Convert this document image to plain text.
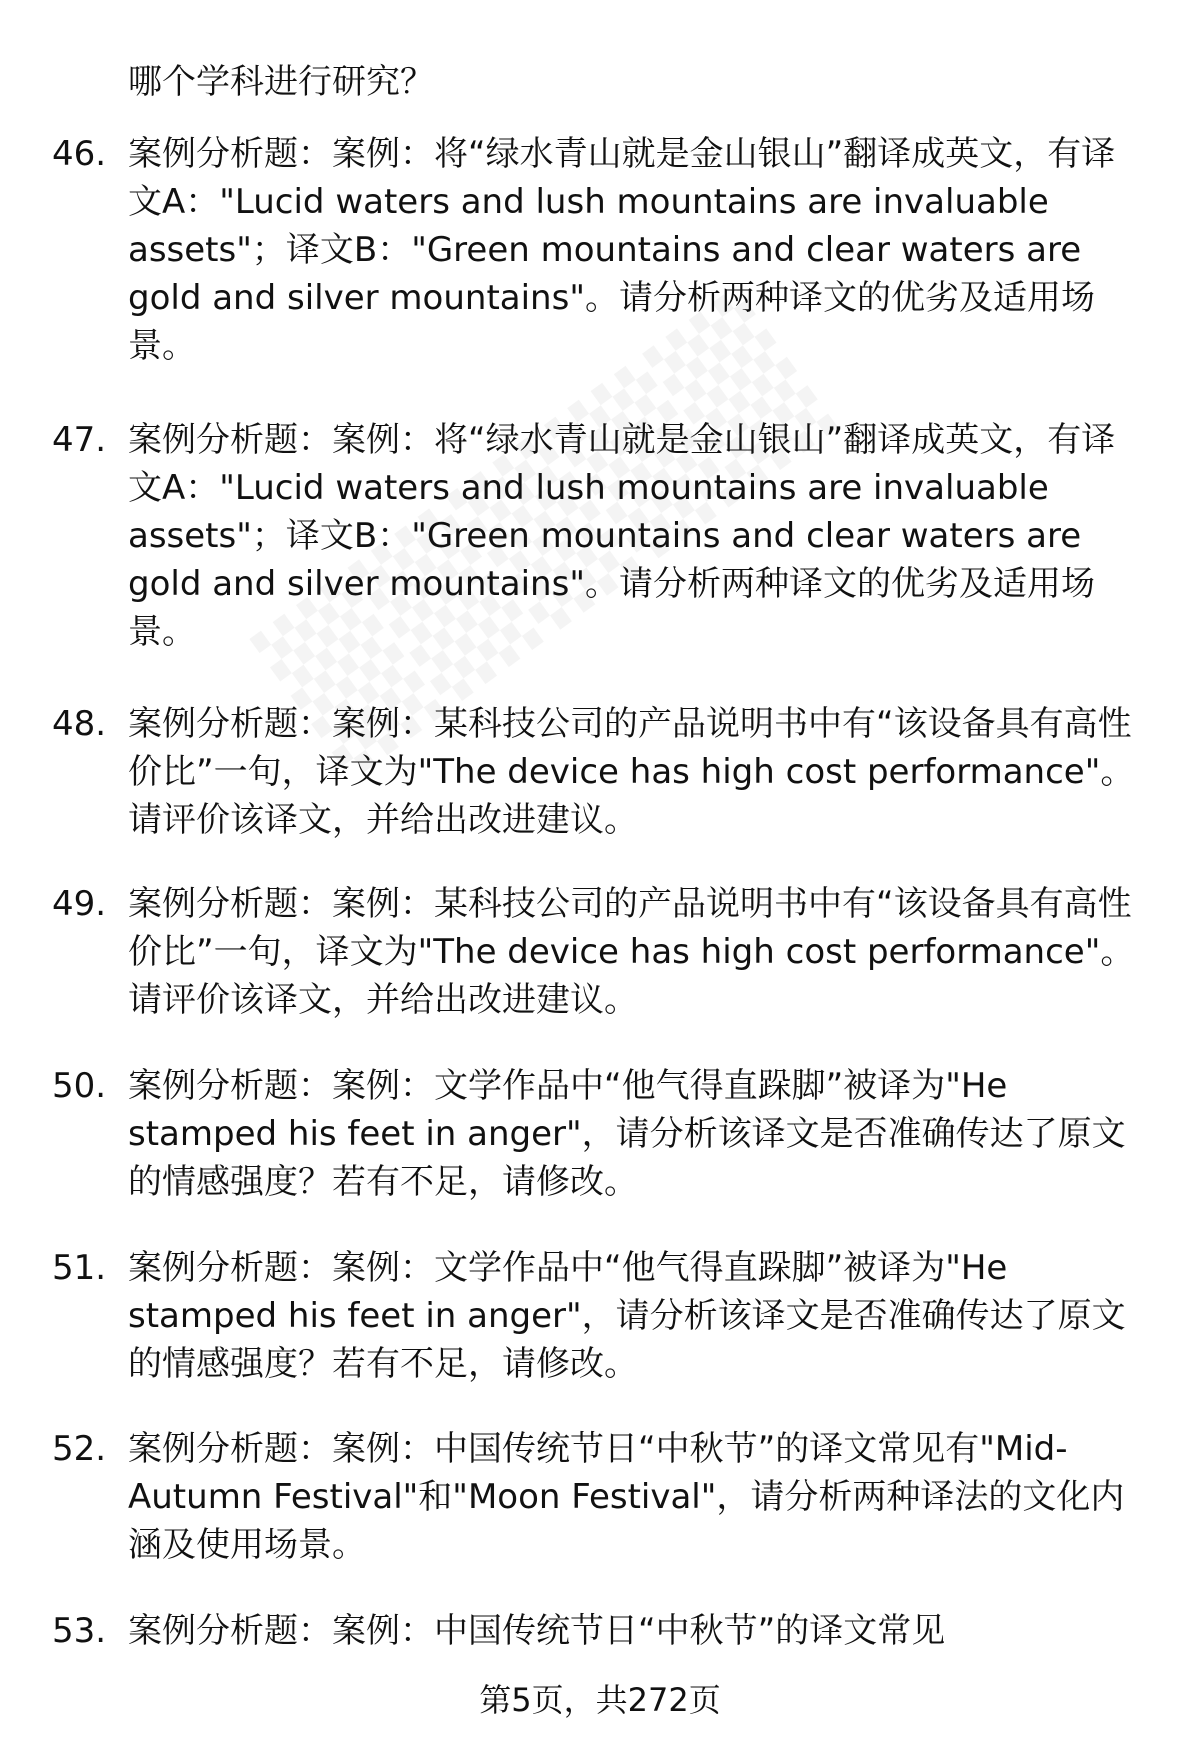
哪个学科进行研究？
46. 案例分析题：案例：将“绿水青山就是金山银山”翻译成英文，有译文A："Lucid waters and lush mountains are invaluable assets"；译文B："Green mountains and clear waters are gold and silver mountains"。请分析两种译文的优劣及适用场景。
47. 案例分析题：案例：将“绿水青山就是金山银山”翻译成英文，有译文A："Lucid waters and lush mountains are invaluable assets"；译文B："Green mountains and clear waters are gold and silver mountains"。请分析两种译文的优劣及适用场景。
48. 案例分析题：案例：某科技公司的产品说明书中有“该设备具有高性价比”一句，译文为"The device has high cost performance"。请评价该译文，并给出改进建议。
49. 案例分析题：案例：某科技公司的产品说明书中有“该设备具有高性价比”一句，译文为"The device has high cost performance"。请评价该译文，并给出改进建议。
50. 案例分析题：案例：文学作品中“他气得直跺脚”被译为"He stamped his feet in anger"，请分析该译文是否准确传达了原文的情感强度？若有不足，请修改。
51. 案例分析题：案例：文学作品中“他气得直跺脚”被译为"He stamped his feet in anger"，请分析该译文是否准确传达了原文的情感强度？若有不足，请修改。
52. 案例分析题：案例：中国传统节日“中秋节”的译文常见有"Mid-Autumn Festival"和"Moon Festival"，请分析两种译法的文化内涵及使用场景。
53. 案例分析题：案例：中国传统节日“中秋节”的译文常见
第5页，共272页
